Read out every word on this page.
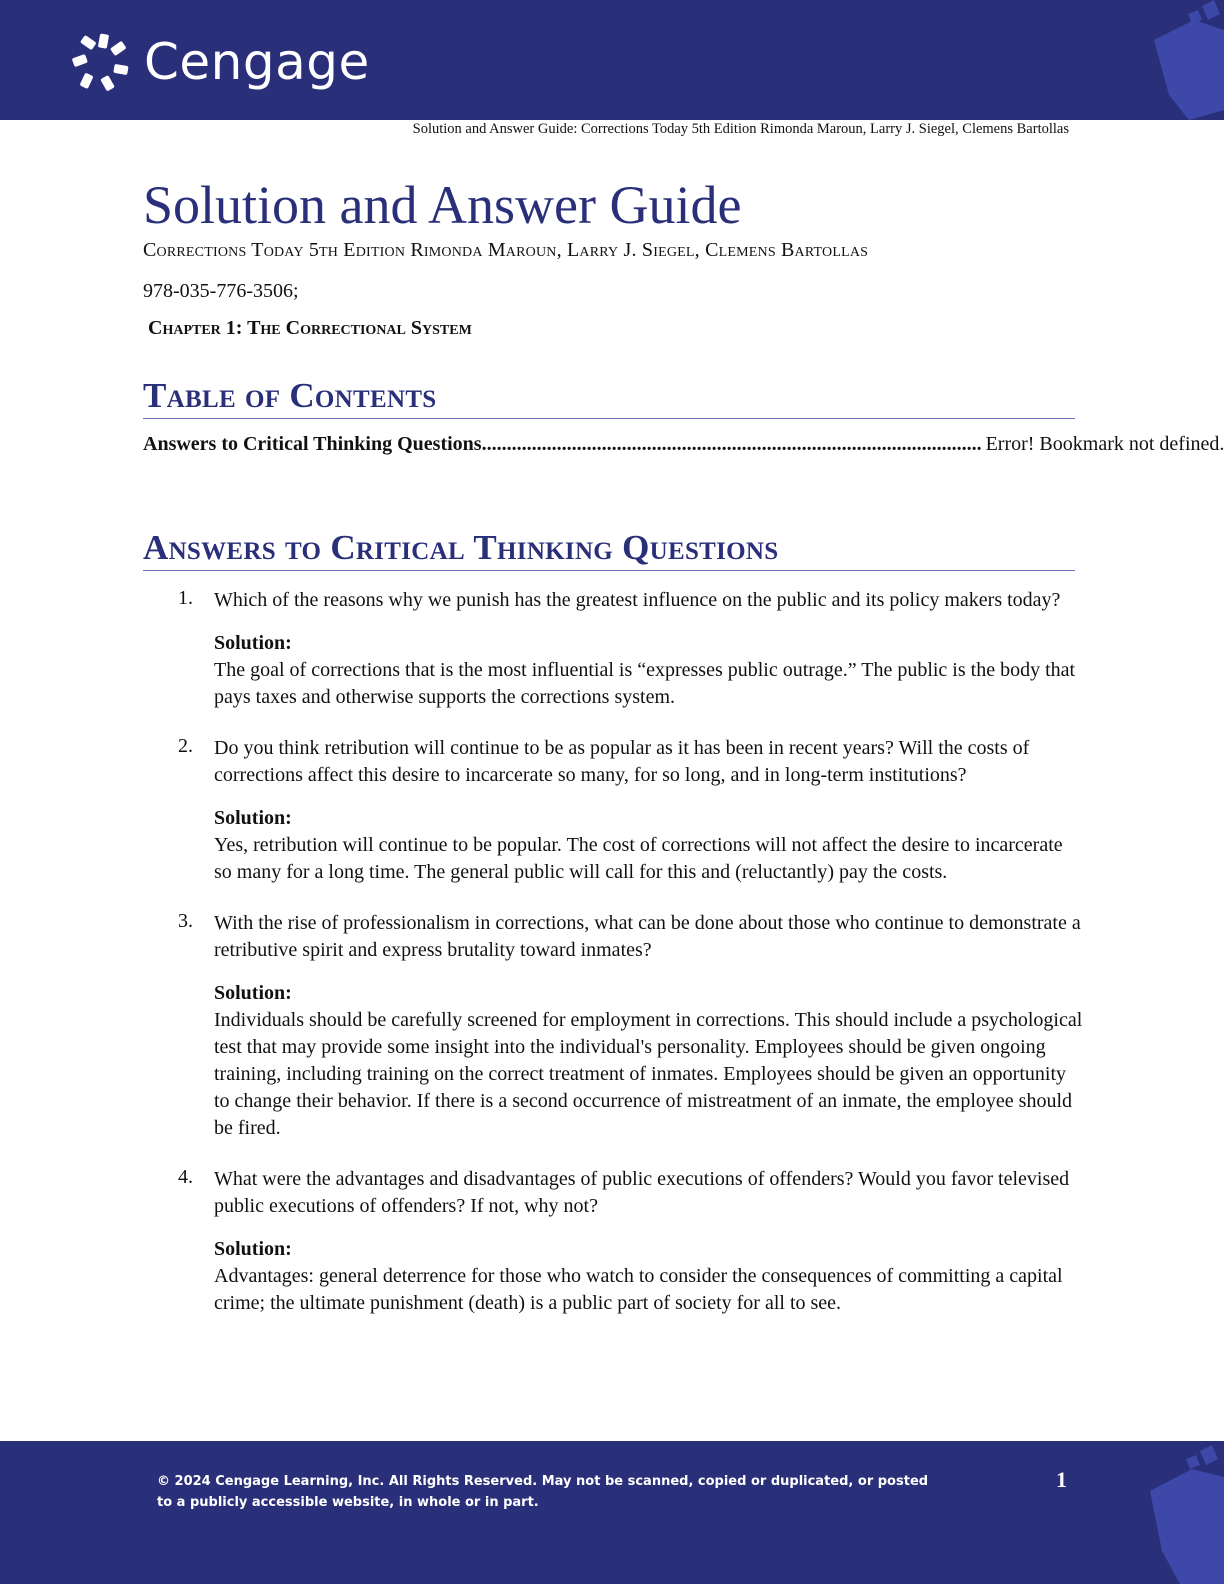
Cengage
Solution and Answer Guide: Corrections Today 5th Edition Rimonda Maroun, Larry J. Siegel, Clemens Bartollas
Solution and Answer Guide
Corrections Today 5th Edition Rimonda Maroun, Larry J. Siegel, Clemens Bartollas
978-035-776-3506;
Chapter 1: The Correctional System
Table of Contents
Answers to Critical Thinking Questions .................................................................................................... Error! Bookmark not defined.
Answers to Critical Thinking Questions
1. Which of the reasons why we punish has the greatest influence on the public and its policy makers today?
Solution:
The goal of corrections that is the most influential is “expresses public outrage.” The public is the body that pays taxes and otherwise supports the corrections system.
2. Do you think retribution will continue to be as popular as it has been in recent years? Will the costs of corrections affect this desire to incarcerate so many, for so long, and in long-term institutions?
Solution:
Yes, retribution will continue to be popular. The cost of corrections will not affect the desire to incarcerate so many for a long time. The general public will call for this and (reluctantly) pay the costs.
3. With the rise of professionalism in corrections, what can be done about those who continue to demonstrate a retributive spirit and express brutality toward inmates?
Solution:
Individuals should be carefully screened for employment in corrections. This should include a psychological test that may provide some insight into the individual's personality. Employees should be given ongoing training, including training on the correct treatment of inmates. Employees should be given an opportunity to change their behavior. If there is a second occurrence of mistreatment of an inmate, the employee should be fired.
4. What were the advantages and disadvantages of public executions of offenders? Would you favor televised public executions of offenders? If not, why not?
Solution:
Advantages: general deterrence for those who watch to consider the consequences of committing a capital crime; the ultimate punishment (death) is a public part of society for all to see.
© 2024 Cengage Learning, Inc. All Rights Reserved. May not be scanned, copied or duplicated, or posted to a publicly accessible website, in whole or in part.
1
